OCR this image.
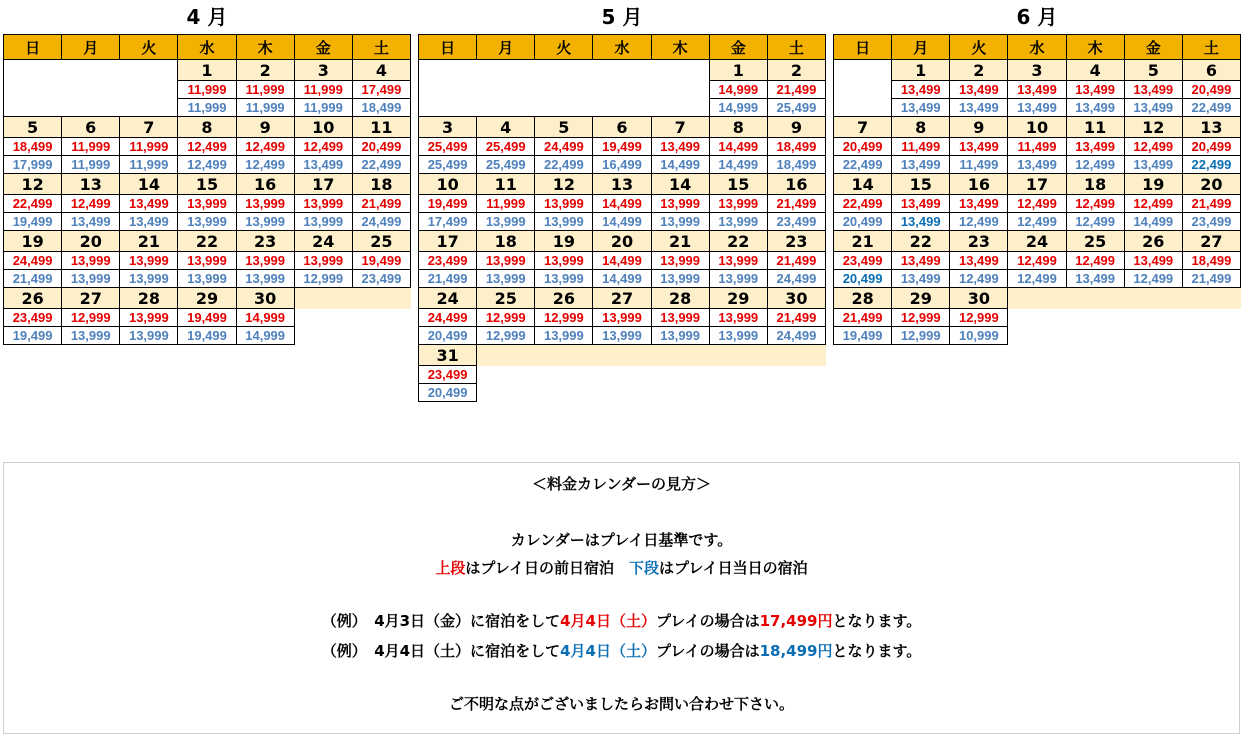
4 月
日	月	火	水	木	金	土
			1	2	3	4
			11,999	11,999	11,999	17,499
			11,999	11,999	11,999	18,499
5	6	7	8	9	10	11
18,499	11,999	11,999	12,499	12,499	12,499	20,499
17,999	11,999	11,999	12,499	12,499	13,499	22,499
12	13	14	15	16	17	18
22,499	12,499	13,499	13,999	13,999	13,999	21,499
19,499	13,499	13,499	13,999	13,999	13,999	24,499
19	20	21	22	23	24	25
24,499	13,999	13,999	13,999	13,999	13,999	19,499
21,499	13,999	13,999	13,999	13,999	12,999	23,499
26	27	28	29	30		
23,499	12,999	13,999	19,499	14,999		
19,499	13,999	13,999	19,499	14,999		
5 月
日	月	火	水	木	金	土
					1	2
					14,999	21,499
					14,999	25,499
3	4	5	6	7	8	9
25,499	25,499	24,499	19,499	13,499	14,499	18,499
25,499	25,499	22,499	16,499	14,499	14,499	18,499
10	11	12	13	14	15	16
19,499	11,999	13,999	14,499	13,999	13,999	21,499
17,499	13,999	13,999	14,499	13,999	13,999	23,499
17	18	19	20	21	22	23
23,499	13,999	13,999	14,499	13,999	13,999	21,499
21,499	13,999	13,999	14,499	13,999	13,999	24,499
24	25	26	27	28	29	30
24,499	12,999	12,999	13,999	13,999	13,999	21,499
20,499	12,999	13,999	13,999	13,999	13,999	24,499
31						
23,499						
20,499						
6 月
日	月	火	水	木	金	土
	1	2	3	4	5	6
	13,499	13,499	13,499	13,499	13,499	20,499
	13,499	13,499	13,499	13,499	13,499	22,499
7	8	9	10	11	12	13
20,499	11,499	13,499	11,499	13,499	12,499	20,499
22,499	13,499	11,499	13,499	12,499	13,499	22,499
14	15	16	17	18	19	20
22,499	13,499	13,499	12,499	12,499	12,499	21,499
20,499	13,499	12,499	12,499	12,499	14,499	23,499
21	22	23	24	25	26	27
23,499	13,499	13,499	12,499	12,499	13,499	18,499
20,499	13,499	12,499	12,499	13,499	12,499	21,499
28	29	30				
21,499	12,999	12,999				
19,499	12,999	10,999				
＜料金カレンダーの見方＞
カレンダーはプレイ日基準です。
上段はプレイ日の前日宿泊　下段はプレイ日当日の宿泊
（例）　4月3日（金）に宿泊をして4月4日（土）プレイの場合は17,499円となります。
（例）　4月4日（土）に宿泊をして4月4日（土）プレイの場合は18,499円となります。
ご不明な点がございましたらお問い合わせ下さい。
